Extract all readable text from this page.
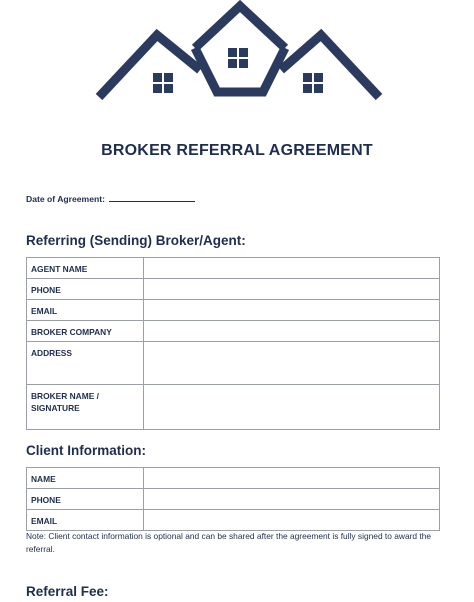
BROKER REFERRAL AGREEMENT
Date of Agreement:
Referring (Sending) Broker/Agent:
AGENT NAME	
PHONE	
EMAIL	
BROKER COMPANY	
ADDRESS	
BROKER NAME / SIGNATURE	
Client Information:
NAME	
PHONE	
EMAIL	
Note: Client contact information is optional and can be shared after the agreement is fully signed to award the referral.
Referral Fee:
